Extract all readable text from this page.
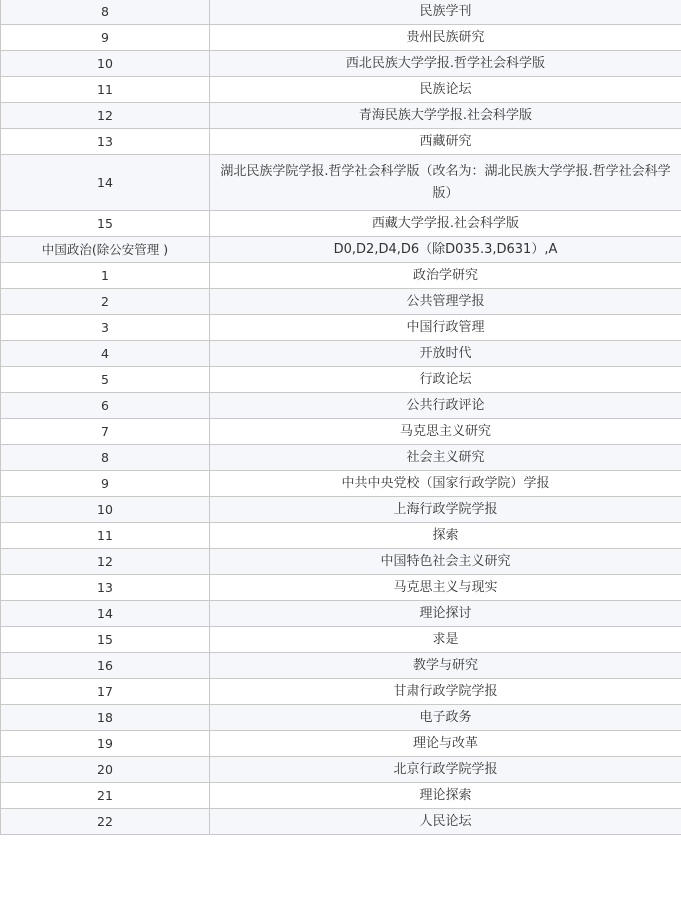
8	民族学刊
9	贵州民族研究
10	西北民族大学学报.哲学社会科学版
11	民族论坛
12	青海民族大学学报.社会科学版
13	西藏研究
14	湖北民族学院学报.哲学社会科学版（改名为：湖北民族大学学报.哲学社会科学版）
15	西藏大学学报.社会科学版
中国政治(除公安管理 )	D0,D2,D4,D6（除D035.3,D631）,A
1	政治学研究
2	公共管理学报
3	中国行政管理
4	开放时代
5	行政论坛
6	公共行政评论
7	马克思主义研究
8	社会主义研究
9	中共中央党校（国家行政学院）学报
10	上海行政学院学报
11	探索
12	中国特色社会主义研究
13	马克思主义与现实
14	理论探讨
15	求是
16	教学与研究
17	甘肃行政学院学报
18	电子政务
19	理论与改革
20	北京行政学院学报
21	理论探索
22	人民论坛
